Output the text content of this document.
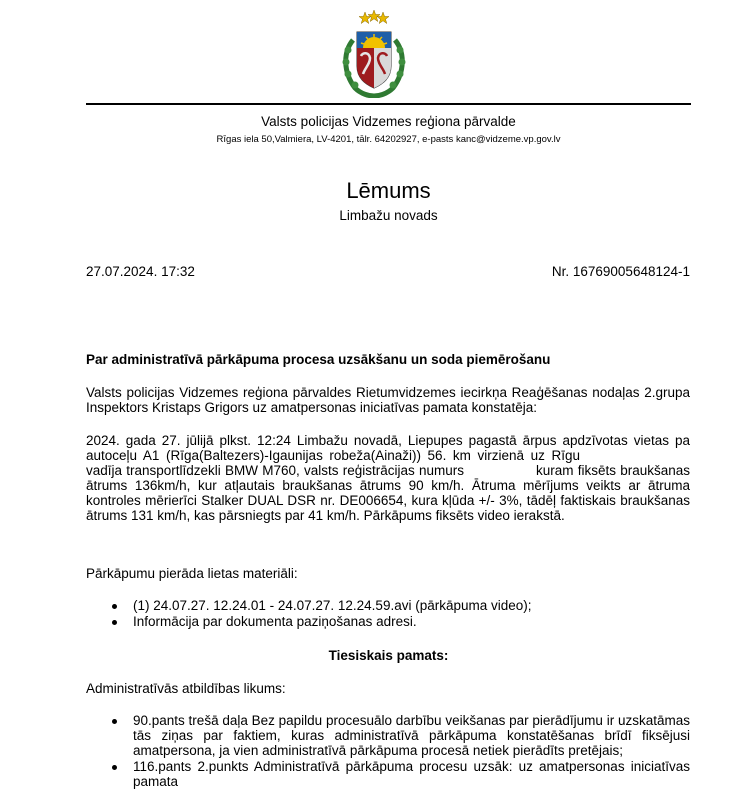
Valsts policijas Vidzemes reģiona pārvalde
Rīgas iela 50,Valmiera, LV-4201, tālr. 64202927, e-pasts kanc@vidzeme.vp.gov.lv
Lēmums
Limbažu novads
27.07.2024. 17:32	Nr. 16769005648124-1
Par administratīvā pārkāpuma procesa uzsākšanu un soda piemērošanu
Valsts policijas Vidzemes reģiona pārvaldes Rietumvidzemes iecirkņa Reaģēšanas nodaļas 2.grupa Inspektors Kristaps Grigors uz amatpersonas iniciatīvas pamata konstatēja:
2024. gada 27. jūlijā plkst. 12:24 Limbažu novadā, Liepupes pagastā ārpus apdzīvotas vietas pa autoceļu A1 (Rīga(Baltezers)-Igaunijas robeža(Ainaži)) 56. km virzienā uz Rīguvadīja transportlīdzekli BMW M760, valsts reģistrācijas numurs	kuram fiksēts braukšanas ātrums 136km/h, kur atļautais braukšanas ātrums 90 km/h. Ātruma mērījums veikts ar ātruma kontroles mērierīci Stalker DUAL DSR nr. DE006654, kura kļūda +/- 3%, tādēļ faktiskais braukšanas ātrums 131 km/h, kas pārsniegts par 41 km/h. Pārkāpums fiksēts video ierakstā.
Pārkāpumu pierāda lietas materiāli:
(1) 24.07.27. 12.24.01 - 24.07.27. 12.24.59.avi (pārkāpuma video);
Informācija par dokumenta paziņošanas adresi.
Tiesiskais pamats:
Administratīvās atbildības likums:
90.pants trešā daļa Bez papildu procesuālo darbību veikšanas par pierādījumu ir uzskatāmas tās ziņas par faktiem, kuras administratīvā pārkāpuma konstatēšanas brīdī fiksējusi amatpersona, ja vien administratīvā pārkāpuma procesā netiek pierādīts pretējais;
116.pants 2.punkts Administratīvā pārkāpuma procesu uzsāk: uz amatpersonas iniciatīvas pamata
